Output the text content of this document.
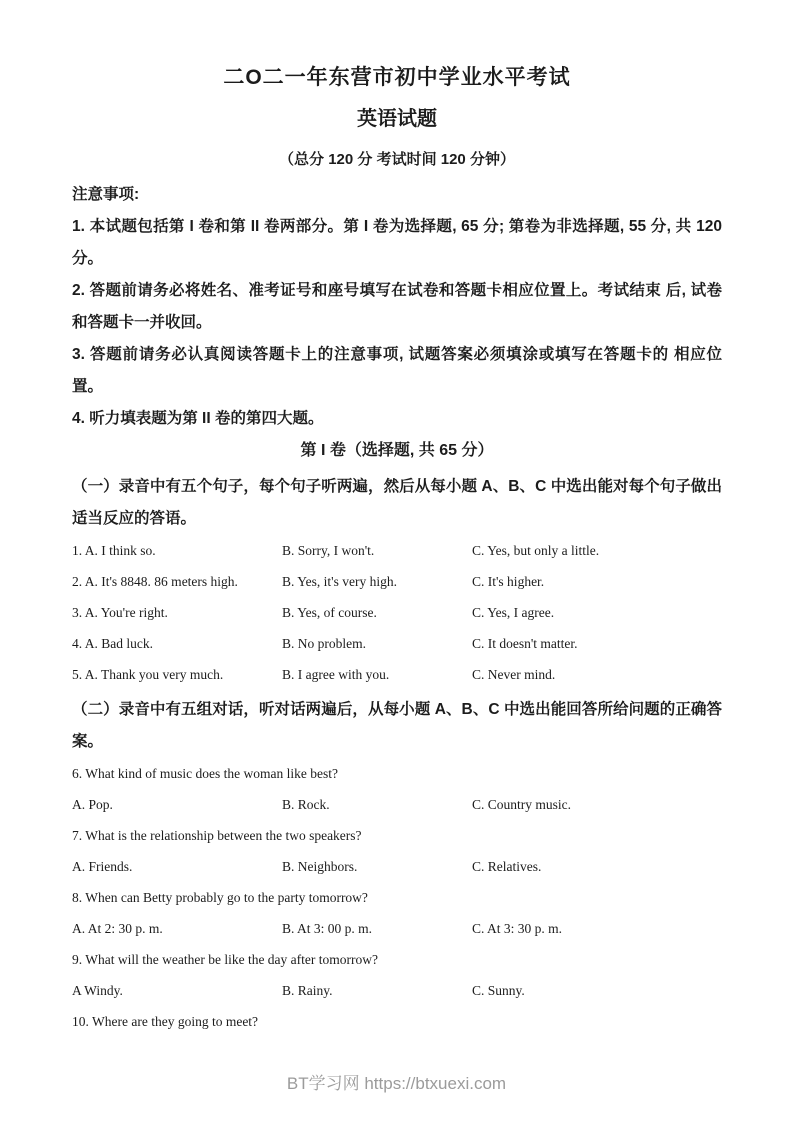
二O二一年东营市初中学业水平考试
英语试题
（总分 120 分 考试时间 120 分钟）
注意事项:

1. 本试题包括第 I 卷和第 II 卷两部分。第 I 卷为选择题, 65 分; 第卷为非选择题, 55 分, 共 120 分。

2. 答题前请务必将姓名、准考证号和座号填写在试卷和答题卡相应位置上。考试结束 后, 试卷和答题卡一并收回。

3. 答题前请务必认真阅读答题卡上的注意事项, 试题答案必须填涂或填写在答题卡的 相应位置。

4. 听力填表题为第 II 卷的第四大题。

第 I 卷（选择题, 共 65 分）

（一）录音中有五个句子，每个句子听两遍，然后从每小题 A、B、C 中选出能对每个句子做出适当反应的答语。

1. A. I think so.	B. Sorry, I won't.	C. Yes, but only a little.
2. A. It's 8848. 86 meters high.	B. Yes, it's very high.	C. It's higher.
3. A. You're right.	B. Yes, of course.	C. Yes, I agree.
4. A. Bad luck.	B. No problem.	C. It doesn't matter.
5. A. Thank you very much.	B. I agree with you.	C. Never mind.

（二）录音中有五组对话，听对话两遍后，从每小题 A、B、C 中选出能回答所给问题的正确答案。

6. What kind of music does the woman like best?
A. Pop.	B. Rock.	C. Country music.
7. What is the relationship between the two speakers?
A. Friends.	B. Neighbors.	C. Relatives.
8. When can Betty probably go to the party tomorrow?
A. At 2: 30 p. m.	B. At 3: 00 p. m.	C. At 3: 30 p. m.
9. What will the weather be like the day after tomorrow?
A Windy.	B. Rainy.	C. Sunny.
10. Where are they going to meet?
BT学习网 https://btxuexi.com
